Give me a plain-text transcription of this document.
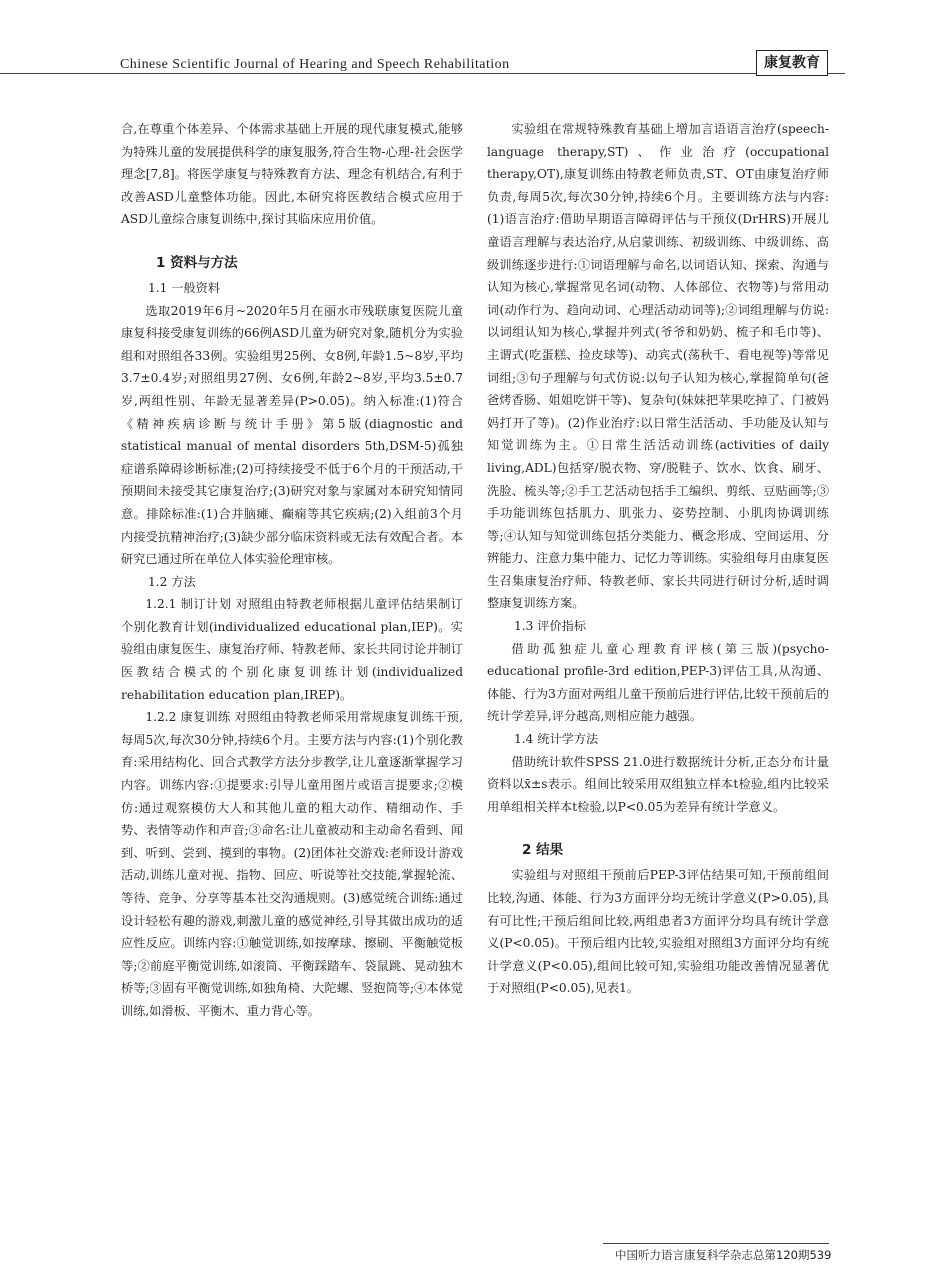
Chinese Scientific Journal of Hearing and Speech Rehabilitation	康复教育

合,在尊重个体差异、个体需求基础上开展的现代康复模式,能够为特殊儿童的发展提供科学的康复服务,符合生物-心理-社会医学理念[7,8]。将医学康复与特殊教育方法、理念有机结合,有利于改善ASD儿童整体功能。因此,本研究将医教结合模式应用于ASD儿童综合康复训练中,探讨其临床应用价值。

1 资料与方法

1.1 一般资料

选取2019年6月~2020年5月在丽水市残联康复医院儿童康复科接受康复训练的66例ASD儿童为研究对象,随机分为实验组和对照组各33例。实验组男25例、女8例,年龄1.5~8岁,平均3.7±0.4岁;对照组男27例、女6例,年龄2~8岁,平均3.5±0.7岁,两组性别、年龄无显著差异(P>0.05)。纳入标准:(1)符合《精神疾病诊断与统计手册》第5版(diagnostic and statistical manual of mental disorders 5th,DSM-5)孤独症谱系障碍诊断标准;(2)可持续接受不低于6个月的干预活动,干预期间未接受其它康复治疗;(3)研究对象与家属对本研究知情同意。排除标准:(1)合并脑瘫、癫痫等其它疾病;(2)入组前3个月内接受抗精神治疗;(3)缺少部分临床资料或无法有效配合者。本研究已通过所在单位人体实验伦理审核。

1.2 方法

1.2.1 制订计划 对照组由特教老师根据儿童评估结果制订个别化教育计划(individualized educational plan,IEP)。实验组由康复医生、康复治疗师、特教老师、家长共同讨论并制订医教结合模式的个别化康复训练计划(individualized rehabilitation education plan,IREP)。

1.2.2 康复训练 对照组由特教老师采用常规康复训练干预,每周5次,每次30分钟,持续6个月。主要方法与内容:(1)个别化教育:采用结构化、回合式教学方法分步教学,让儿童逐渐掌握学习内容。训练内容:①提要求:引导儿童用图片或语言提要求;②模仿:通过观察模仿大人和其他儿童的粗大动作、精细动作、手势、表情等动作和声音;③命名:让儿童被动和主动命名看到、闻到、听到、尝到、摸到的事物。(2)团体社交游戏:老师设计游戏活动,训练儿童对视、指物、回应、听说等社交技能,掌握轮流、等待、竞争、分享等基本社交沟通规则。(3)感觉统合训练:通过设计轻松有趣的游戏,刺激儿童的感觉神经,引导其做出成功的适应性反应。训练内容:①触觉训练,如按摩球、擦刷、平衡触觉板等;②前庭平衡觉训练,如滚筒、平衡踩踏车、袋鼠跳、晃动独木桥等;③固有平衡觉训练,如独角椅、大陀螺、竖抱筒等;④本体觉训练,如滑板、平衡木、重力背心等。

实验组在常规特殊教育基础上增加言语语言治疗(speech-language therapy,ST)、作业治疗(occupational therapy,OT),康复训练由特教老师负责,ST、OT由康复治疗师负责,每周5次,每次30分钟,持续6个月。主要训练方法与内容:(1)语言治疗:借助早期语言障碍评估与干预仪(DrHRS)开展儿童语言理解与表达治疗,从启蒙训练、初级训练、中级训练、高级训练逐步进行:①词语理解与命名,以词语认知、探索、沟通与认知为核心,掌握常见名词(动物、人体部位、衣物等)与常用动词(动作行为、趋向动词、心理活动动词等);②词组理解与仿说:以词组认知为核心,掌握并列式(爷爷和奶奶、梳子和毛巾等)、主谓式(吃蛋糕、捡皮球等)、动宾式(荡秋千、看电视等)等常见词组;③句子理解与句式仿说:以句子认知为核心,掌握简单句(爸爸烤香肠、姐姐吃饼干等)、复杂句(妹妹把苹果吃掉了、门被妈妈打开了等)。(2)作业治疗:以日常生活活动、手功能及认知与知觉训练为主。①日常生活活动训练(activities of daily living,ADL)包括穿/脱衣物、穿/脱鞋子、饮水、饮食、刷牙、洗脸、梳头等;②手工艺活动包括手工编织、剪纸、豆贴画等;③手功能训练包括肌力、肌张力、姿势控制、小肌肉协调训练等;④认知与知觉训练包括分类能力、概念形成、空间运用、分辨能力、注意力集中能力、记忆力等训练。实验组每月由康复医生召集康复治疗师、特教老师、家长共同进行研讨分析,适时调整康复训练方案。

1.3 评价指标

借助孤独症儿童心理教育评核(第三版)(psycho-educational profile-3rd edition,PEP-3)评估工具,从沟通、体能、行为3方面对两组儿童干预前后进行评估,比较干预前后的统计学差异,评分越高,则相应能力越强。

1.4 统计学方法

借助统计软件SPSS 21.0进行数据统计分析,正态分布计量资料以x̄±s表示。组间比较采用双组独立样本t检验,组内比较采用单组相关样本t检验,以P<0.05为差异有统计学意义。

2 结果

实验组与对照组干预前后PEP-3评估结果可知,干预前组间比较,沟通、体能、行为3方面评分均无统计学意义(P>0.05),具有可比性;干预后组间比较,两组患者3方面评分均具有统计学意义(P<0.05)。干预后组内比较,实验组对照组3方面评分均有统计学意义(P<0.05),组间比较可知,实验组功能改善情况显著优于对照组(P<0.05),见表1。

中国听力语言康复科学杂志总第120期539
